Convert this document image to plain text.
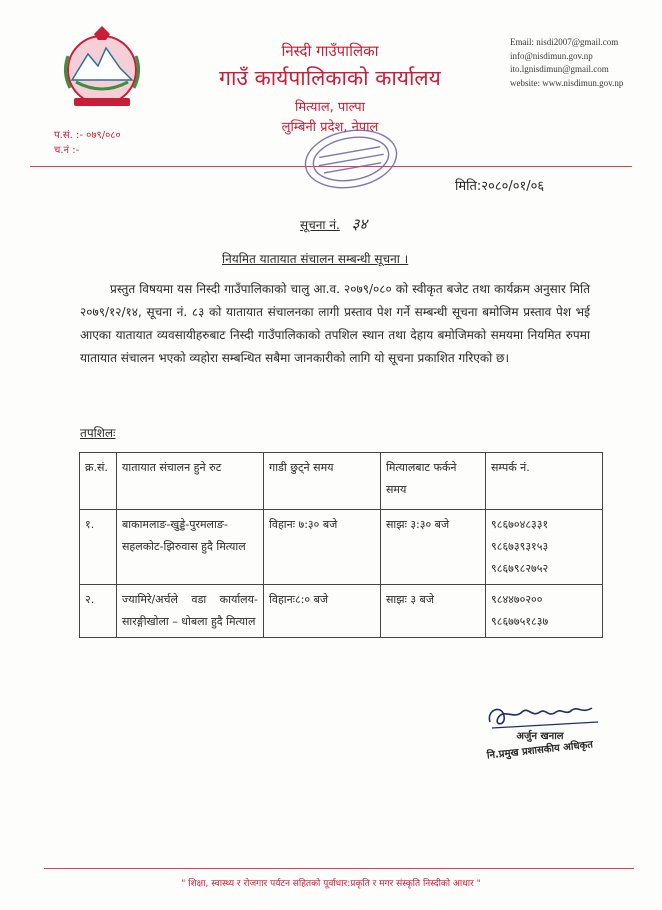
निस्दी गाउँपालिका
गाउँ कार्यपालिकाको कार्यालय
मित्याल, पाल्पा
लुम्बिनी प्रदेश, नेपाल
Email: nisdi2007@gmail.com
info@nisdimun.gov.np
ito.lgnisdimun@gmail.com
website: www.nisdimun.gov.np
प.सं. :- ०७९/०८०
च.नं :-
मिति:२०८०/०१/०६
सूचना नं. ३४
नियमित यातायात संचालन सम्बन्धी सूचना ।
प्रस्तुत विषयमा यस निस्दी गाउँपालिकाको चालु आ.व. २०७९/०८० को स्वीकृत बजेट तथा कार्यक्रम अनुसार मिति २०७९/१२/१४, सूचना नं. ८३ को यातायात संचालनका लागी प्रस्ताव पेश गर्ने सम्बन्धी सूचना बमोजिम प्रस्ताव पेश भई आएका यातायात व्यवसायीहरुबाट निस्दी गाउँपालिकाको तपशिल स्थान तथा देहाय बमोजिमको समयमा नियमित रुपमा यातायात संचालन भएको व्यहोरा सम्बन्धित सबैमा जानकारीको लागि यो सूचना प्रकाशित गरिएको छ।
तपशिलः
क्र.सं.	यातायात संचालन हुने रुट	गाडी छुट्ने समय	मित्यालबाट फर्कने समय	सम्पर्क नं.
१.	बाकामलाङ-खुड्डे-पुरमलाङ-सहलकोट-झिरुवास हुदै मित्याल	विहानः ७:३० बजे	साझः ३:३० बजे	९८६७०४८३३१
९८६७३९३१५३
९८६७९८२७५२

२.	ज्यामिरे/अर्चले वडा कार्यालय-सारङ्गीखोला – धोबला हुदै मित्याल	विहानः८:० बजे	साझः ३ बजे	९८४४७०२००
९८६७७५१८३७
अर्जुन खनाल
नि.प्रमुख प्रशासकीय अधिकृत
" शिक्षा, स्वास्थ्य र रोजगार पर्यटन सहितको पूर्वाधार:प्रकृति र मगर संस्कृति निस्दीको आधार "
